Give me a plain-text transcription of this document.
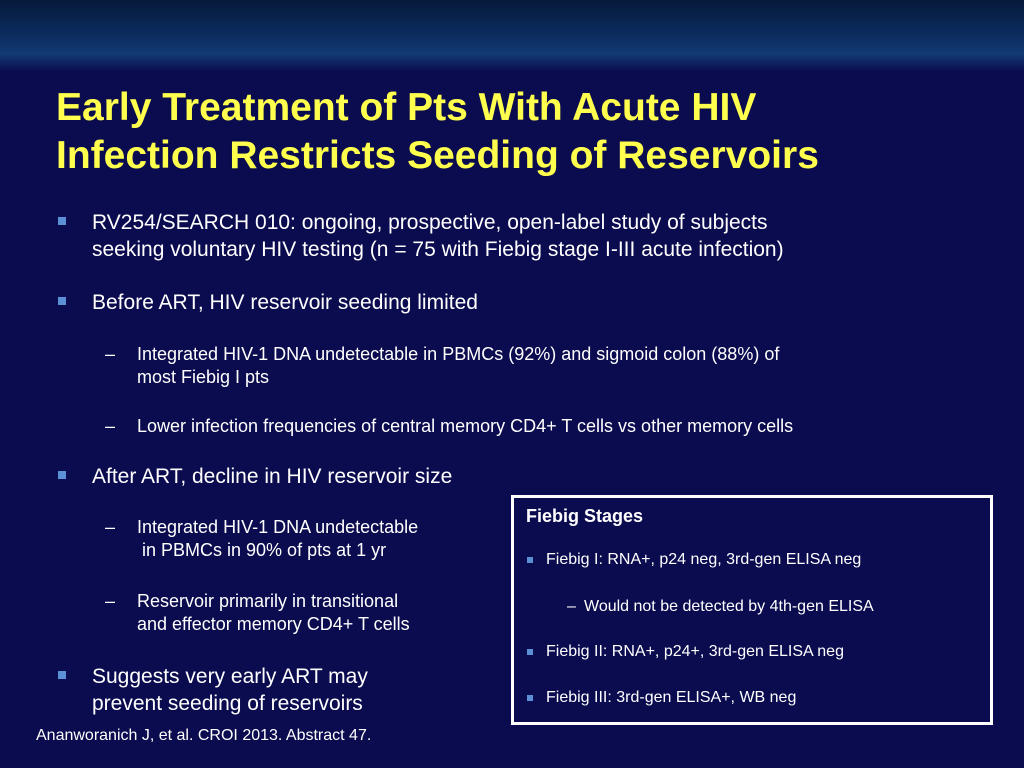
Early Treatment of Pts With Acute HIV
Infection Restricts Seeding of Reservoirs
RV254/SEARCH 010: ongoing, prospective, open-label study of subjects
seeking voluntary HIV testing (n = 75 with Fiebig stage I-III acute infection)
Before ART, HIV reservoir seeding limited
– Integrated HIV-1 DNA undetectable in PBMCs (92%) and sigmoid colon (88%) of
most Fiebig I pts
– Lower infection frequencies of central memory CD4+ T cells vs other memory cells
After ART, decline in HIV reservoir size
– Integrated HIV-1 DNA undetectable
in PBMCs in 90% of pts at 1 yr
– Reservoir primarily in transitional
and effector memory CD4+ T cells
Suggests very early ART may
prevent seeding of reservoirs
Fiebig Stages
Fiebig I: RNA+, p24 neg, 3rd-gen ELISA neg
– Would not be detected by 4th-gen ELISA
Fiebig II: RNA+, p24+, 3rd-gen ELISA neg
Fiebig III: 3rd-gen ELISA+, WB neg
Ananworanich J, et al. CROI 2013. Abstract 47.
